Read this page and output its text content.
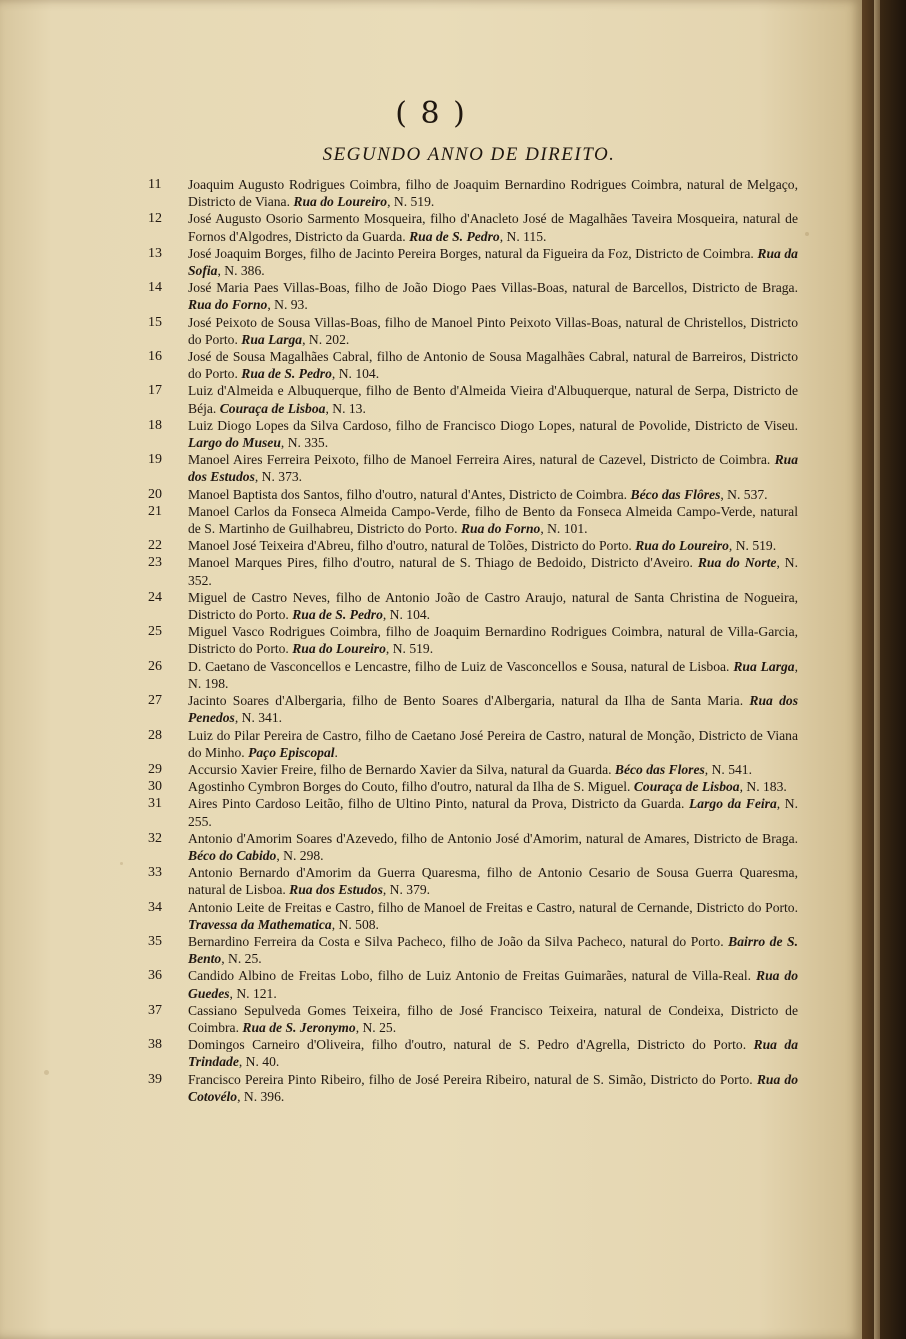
( 8 )
SEGUNDO ANNO DE DIREITO.
11	Joaquim Augusto Rodrigues Coimbra, filho de Joaquim Bernardino Rodrigues Coimbra, natural de Melgaço, Districto de Viana. Rua do Loureiro, N. 519.
12	José Augusto Osorio Sarmento Mosqueira, filho d'Anacleto José de Magalhães Taveira Mosqueira, natural de Fornos d'Algodres, Districto da Guarda. Rua de S. Pedro, N. 115.
13	José Joaquim Borges, filho de Jacinto Pereira Borges, natural da Figueira da Foz, Districto de Coimbra. Rua da Sofia, N. 386.
14	José Maria Paes Villas-Boas, filho de João Diogo Paes Villas-Boas, natural de Barcellos, Districto de Braga. Rua do Forno, N. 93.
15	José Peixoto de Sousa Villas-Boas, filho de Manoel Pinto Peixoto Villas-Boas, natural de Christellos, Districto do Porto. Rua Larga, N. 202.
16	José de Sousa Magalhães Cabral, filho de Antonio de Sousa Magalhães Cabral, natural de Barreiros, Districto do Porto. Rua de S. Pedro, N. 104.
17	Luiz d'Almeida e Albuquerque, filho de Bento d'Almeida Vieira d'Albuquerque, natural de Serpa, Districto de Béja. Couraça de Lisboa, N. 13.
18	Luiz Diogo Lopes da Silva Cardoso, filho de Francisco Diogo Lopes, natural de Povolide, Districto de Viseu. Largo do Museu, N. 335.
19	Manoel Aires Ferreira Peixoto, filho de Manoel Ferreira Aires, natural de Cazevel, Districto de Coimbra. Rua dos Estudos, N. 373.
20	Manoel Baptista dos Santos, filho d'outro, natural d'Antes, Districto de Coimbra. Béco das Flôres, N. 537.
21	Manoel Carlos da Fonseca Almeida Campo-Verde, filho de Bento da Fonseca Almeida Campo-Verde, natural de S. Martinho de Guilhabreu, Districto do Porto. Rua do Forno, N. 101.
22	Manoel José Teixeira d'Abreu, filho d'outro, natural de Tolões, Districto do Porto. Rua do Loureiro, N. 519.
23	Manoel Marques Pires, filho d'outro, natural de S. Thiago de Bedoido, Districto d'Aveiro. Rua do Norte, N. 352.
24	Miguel de Castro Neves, filho de Antonio João de Castro Araujo, natural de Santa Christina de Nogueira, Districto do Porto. Rua de S. Pedro, N. 104.
25	Miguel Vasco Rodrigues Coimbra, filho de Joaquim Bernardino Rodrigues Coimbra, natural de Villa-Garcia, Districto do Porto. Rua do Loureiro, N. 519.
26	D. Caetano de Vasconcellos e Lencastre, filho de Luiz de Vasconcellos e Sousa, natural de Lisboa. Rua Larga, N. 198.
27	Jacinto Soares d'Albergaria, filho de Bento Soares d'Albergaria, natural da Ilha de Santa Maria. Rua dos Penedos, N. 341.
28	Luiz do Pilar Pereira de Castro, filho de Caetano José Pereira de Castro, natural de Monção, Districto de Viana do Minho. Paço Episcopal.
29	Accursio Xavier Freire, filho de Bernardo Xavier da Silva, natural da Guarda. Béco das Flores, N. 541.
30	Agostinho Cymbron Borges do Couto, filho d'outro, natural da Ilha de S. Miguel. Couraça de Lisboa, N. 183.
31	Aires Pinto Cardoso Leitão, filho de Ultino Pinto, natural da Prova, Districto da Guarda. Largo da Feira, N. 255.
32	Antonio d'Amorim Soares d'Azevedo, filho de Antonio José d'Amorim, natural de Amares, Districto de Braga. Béco do Cabido, N. 298.
33	Antonio Bernardo d'Amorim da Guerra Quaresma, filho de Antonio Cesario de Sousa Guerra Quaresma, natural de Lisboa. Rua dos Estudos, N. 379.
34	Antonio Leite de Freitas e Castro, filho de Manoel de Freitas e Castro, natural de Cernande, Districto do Porto. Travessa da Mathematica, N. 508.
35	Bernardino Ferreira da Costa e Silva Pacheco, filho de João da Silva Pacheco, natural do Porto. Bairro de S. Bento, N. 25.
36	Candido Albino de Freitas Lobo, filho de Luiz Antonio de Freitas Guimarães, natural de Villa-Real. Rua do Guedes, N. 121.
37	Cassiano Sepulveda Gomes Teixeira, filho de José Francisco Teixeira, natural de Condeixa, Districto de Coimbra. Rua de S. Jeronymo, N. 25.
38	Domingos Carneiro d'Oliveira, filho d'outro, natural de S. Pedro d'Agrella, Districto do Porto. Rua da Trindade, N. 40.
39	Francisco Pereira Pinto Ribeiro, filho de José Pereira Ribeiro, natural de S. Simão, Districto do Porto. Rua do Cotovélo, N. 396.
